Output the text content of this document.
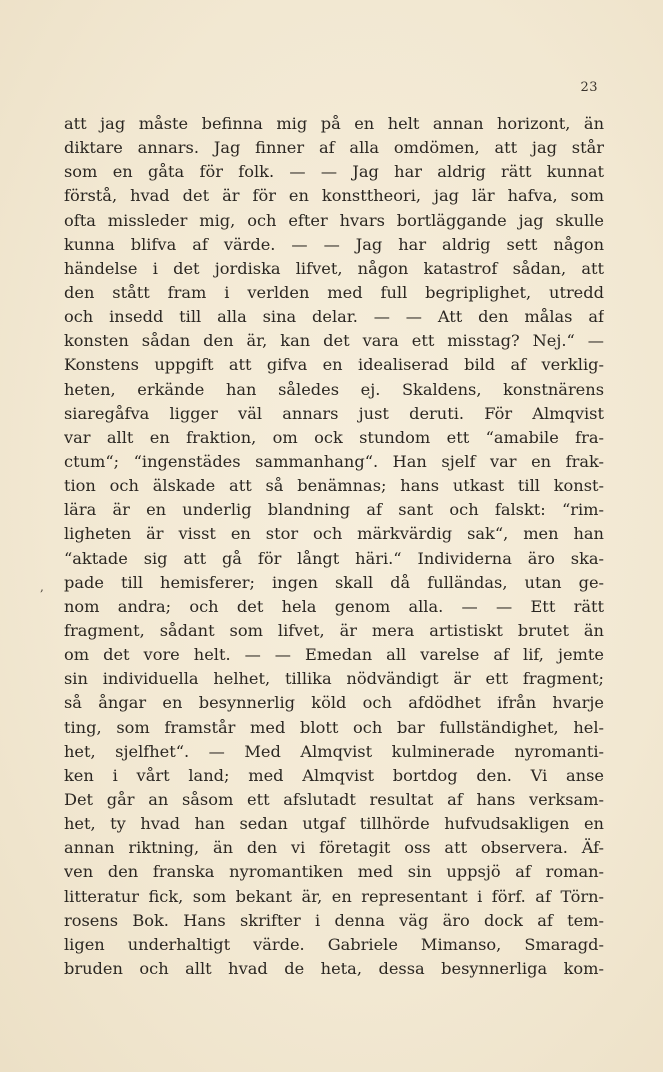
23
,
att jag måste befinna mig på en helt annan horizont, än
diktare annars. Jag finner af alla omdömen, att jag står
som en gåta för folk. — — Jag har aldrig rätt kunnat
förstå, hvad det är för en konsttheori, jag lär hafva, som
ofta missleder mig, och efter hvars bortläggande jag skulle
kunna blifva af värde. — — Jag har aldrig sett någon
händelse i det jordiska lifvet, någon katastrof sådan, att
den stått fram i verlden med full begriplighet, utredd
och insedd till alla sina delar. — — Att den målas af
konsten sådan den är, kan det vara ett misstag? Nej.“ —
Konstens uppgift att gifva en idealiserad bild af verklig-
heten, erkände han således ej. Skaldens, konstnärens
siaregåfva ligger väl annars just deruti. För Almqvist
var allt en fraktion, om ock stundom ett “amabile fra-
ctum“; “ingenstädes sammanhang“. Han sjelf var en frak-
tion och älskade att så benämnas; hans utkast till konst-
lära är en underlig blandning af sant och falskt: “rim-
ligheten är visst en stor och märkvärdig sak“, men han
“aktade sig att gå för långt häri.“ Individerna äro ska-
pade till hemisferer; ingen skall då fulländas, utan ge-
nom andra; och det hela genom alla. — — Ett rätt
fragment, sådant som lifvet, är mera artistiskt brutet än
om det vore helt. — — Emedan all varelse af lif, jemte
sin individuella helhet, tillika nödvändigt är ett fragment;
så ångar en besynnerlig köld och afdödhet ifrån hvarje
ting, som framstår med blott och bar fullständighet, hel-
het, sjelfhet“. — Med Almqvist kulminerade nyromanti-
ken i vårt land; med Almqvist bortdog den. Vi anse
Det går an såsom ett afslutadt resultat af hans verksam-
het, ty hvad han sedan utgaf tillhörde hufvudsakligen en
annan riktning, än den vi företagit oss att observera. Äf-
ven den franska nyromantiken med sin uppsjö af roman-
litteratur fick, som bekant är, en representant i förf. af Törn-
rosens Bok. Hans skrifter i denna väg äro dock af tem-
ligen underhaltigt värde. Gabriele Mimanso, Smaragd-
bruden och allt hvad de heta, dessa besynnerliga kom-
